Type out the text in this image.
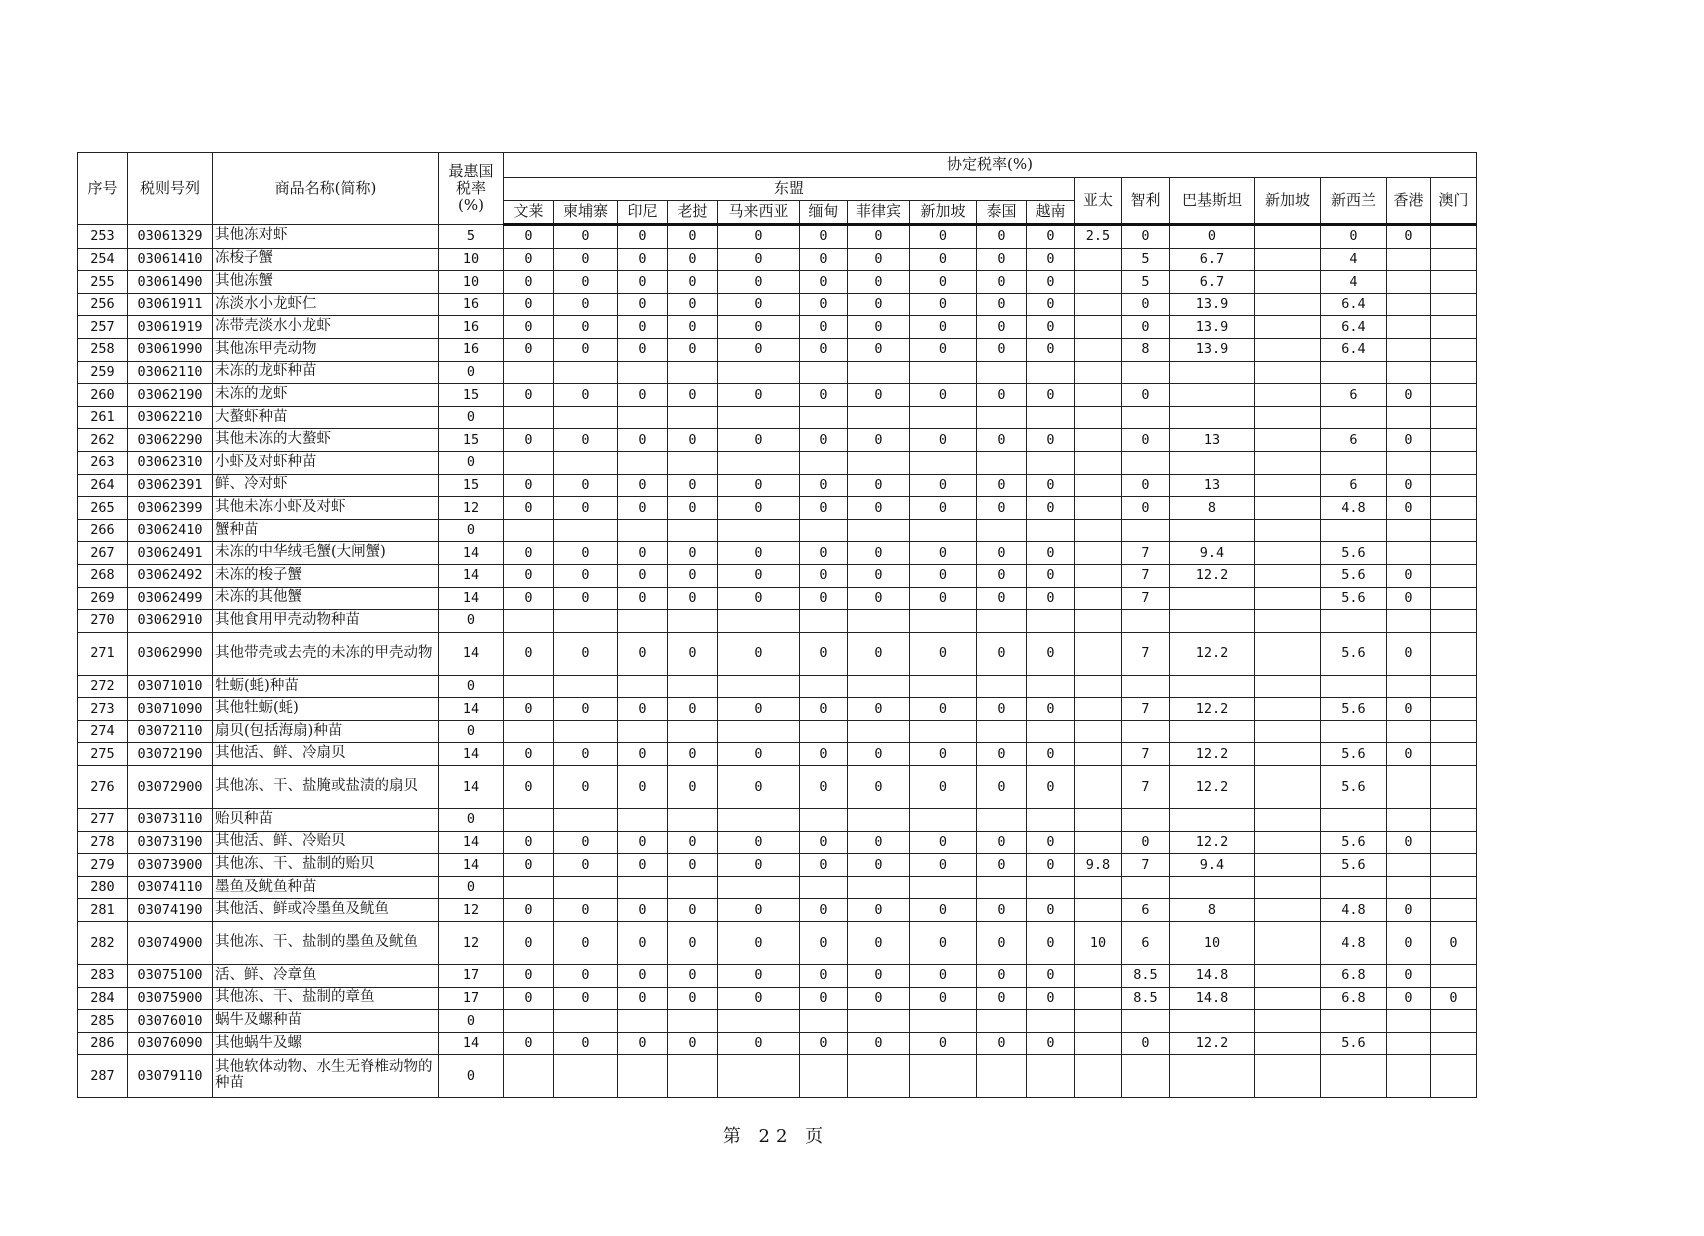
序号	税则号列	商品名称(简称)	最惠国税率(%)	协定税率(%)																
				东盟										亚太	智利	巴基斯坦	新加坡	新西兰	香港	澳门
				文莱	柬埔寨	印尼	老挝	马来西亚	缅甸	菲律宾	新加坡	泰国	越南							
253	03061329	其他冻对虾	5	0	0	0	0	0	0	0	0	0	0	2.5	0	0		0	0	
254	03061410	冻梭子蟹	10	0	0	0	0	0	0	0	0	0	0		5	6.7		4		
255	03061490	其他冻蟹	10	0	0	0	0	0	0	0	0	0	0		5	6.7		4		
256	03061911	冻淡水小龙虾仁	16	0	0	0	0	0	0	0	0	0	0		0	13.9		6.4		
257	03061919	冻带壳淡水小龙虾	16	0	0	0	0	0	0	0	0	0	0		0	13.9		6.4		
258	03061990	其他冻甲壳动物	16	0	0	0	0	0	0	0	0	0	0		8	13.9		6.4		
259	03062110	未冻的龙虾种苗	0																	
260	03062190	未冻的龙虾	15	0	0	0	0	0	0	0	0	0	0		0			6	0	
261	03062210	大螯虾种苗	0																	
262	03062290	其他未冻的大螯虾	15	0	0	0	0	0	0	0	0	0	0		0	13		6	0	
263	03062310	小虾及对虾种苗	0																	
264	03062391	鲜、冷对虾	15	0	0	0	0	0	0	0	0	0	0		0	13		6	0	
265	03062399	其他未冻小虾及对虾	12	0	0	0	0	0	0	0	0	0	0		0	8		4.8	0	
266	03062410	蟹种苗	0																	
267	03062491	未冻的中华绒毛蟹(大闸蟹)	14	0	0	0	0	0	0	0	0	0	0		7	9.4		5.6		
268	03062492	未冻的梭子蟹	14	0	0	0	0	0	0	0	0	0	0		7	12.2		5.6	0	
269	03062499	未冻的其他蟹	14	0	0	0	0	0	0	0	0	0	0		7			5.6	0	
270	03062910	其他食用甲壳动物种苗	0																	
271	03062990	其他带壳或去壳的未冻的甲壳动物	14	0	0	0	0	0	0	0	0	0	0		7	12.2		5.6	0	
272	03071010	牡蛎(蚝)种苗	0																	
273	03071090	其他牡蛎(蚝)	14	0	0	0	0	0	0	0	0	0	0		7	12.2		5.6	0	
274	03072110	扇贝(包括海扇)种苗	0																	
275	03072190	其他活、鲜、冷扇贝	14	0	0	0	0	0	0	0	0	0	0		7	12.2		5.6	0	
276	03072900	其他冻、干、盐腌或盐渍的扇贝	14	0	0	0	0	0	0	0	0	0	0		7	12.2		5.6		
277	03073110	贻贝种苗	0																	
278	03073190	其他活、鲜、冷贻贝	14	0	0	0	0	0	0	0	0	0	0		0	12.2		5.6	0	
279	03073900	其他冻、干、盐制的贻贝	14	0	0	0	0	0	0	0	0	0	0	9.8	7	9.4		5.6		
280	03074110	墨鱼及鱿鱼种苗	0																	
281	03074190	其他活、鲜或冷墨鱼及鱿鱼	12	0	0	0	0	0	0	0	0	0	0		6	8		4.8	0	
282	03074900	其他冻、干、盐制的墨鱼及鱿鱼	12	0	0	0	0	0	0	0	0	0	0	10	6	10		4.8	0	0
283	03075100	活、鲜、冷章鱼	17	0	0	0	0	0	0	0	0	0	0		8.5	14.8		6.8	0	
284	03075900	其他冻、干、盐制的章鱼	17	0	0	0	0	0	0	0	0	0	0		8.5	14.8		6.8	0	0
285	03076010	蜗牛及螺种苗	0																	
286	03076090	其他蜗牛及螺	14	0	0	0	0	0	0	0	0	0	0		0	12.2		5.6		
287	03079110	其他软体动物、水生无脊椎动物的种苗	0																	
第 22 页
